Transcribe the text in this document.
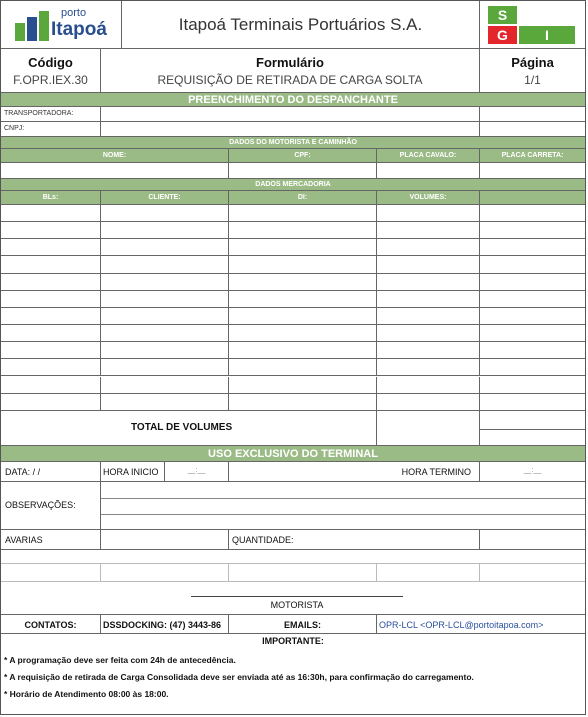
porto
Itapoá	Itapoá Terminais Portuários S.A.	S
G	I
Código
F.OPR.IEX.30
Formulário
REQUISIÇÃO DE RETIRADA DE CARGA SOLTA
Página
1/1
PREENCHIMENTO DO DESPANCHANTE
TRANSPORTADORA:
CNPJ:
DADOS DO MOTORISTA E CAMINHÃO
NOME:	CPF:	PLACA CAVALO:	PLACA CARRETA:
DADOS MERCADORIA
BLs:	CLIENTE:	DI:	VOLUMES:
TOTAL DE VOLUMES
USO EXCLUSIVO DO TERMINAL
DATA: / /	HORA INICIO	__:__	HORA TERMINO	__:__
OBSERVAÇÕES:
AVARIAS	QUANTIDADE:
MOTORISTA
CONTATOS:	DSSDOCKING: (47) 3443-86	EMAILS:	OPR-LCL <OPR-LCL@portoitapoa.com>
IMPORTANTE:
* A programação deve ser feita com 24h de antecedência.
* A requisição de retirada de Carga Consolidada deve ser enviada até as 16:30h, para confirmação do carregamento.
* Horário de Atendimento 08:00 às 18:00.
